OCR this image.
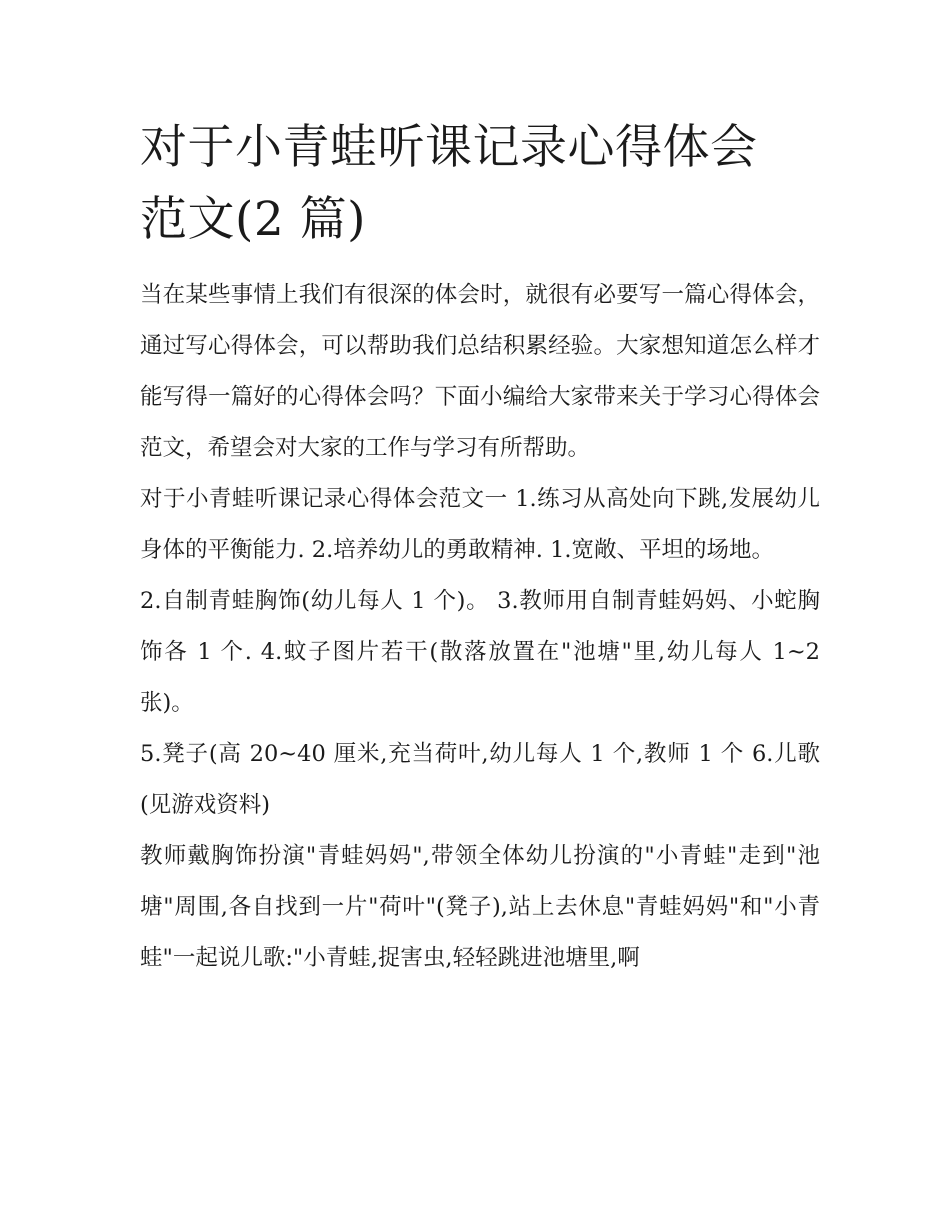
对于小青蛙听课记录心得体会
范文(2 篇)

当在某些事情上我们有很深的体会时，就很有必要写一篇心得体会，通过写心得体会，可以帮助我们总结积累经验。大家想知道怎么样才能写得一篇好的心得体会吗？下面小编给大家带来关于学习心得体会范文，希望会对大家的工作与学习有所帮助。

对于小青蛙听课记录心得体会范文一 1.练习从高处向下跳,发展幼儿身体的平衡能力. 2.培养幼儿的勇敢精神. 1.宽敞、平坦的场地。

2.自制青蛙胸饰(幼儿每人 1 个)。 3.教师用自制青蛙妈妈、小蛇胸饰各 1 个. 4.蚊子图片若干(散落放置在"池塘"里,幼儿每人 1~2 张)。

5.凳子(高 20~40 厘米,充当荷叶,幼儿每人 1 个,教师 1 个 6.儿歌(见游戏资料)

教师戴胸饰扮演"青蛙妈妈",带领全体幼儿扮演的"小青蛙"走到"池塘"周围,各自找到一片"荷叶"(凳子),站上去休息"青蛙妈妈"和"小青蛙"一起说儿歌:"小青蛙,捉害虫,轻轻跳进池塘里,啊
